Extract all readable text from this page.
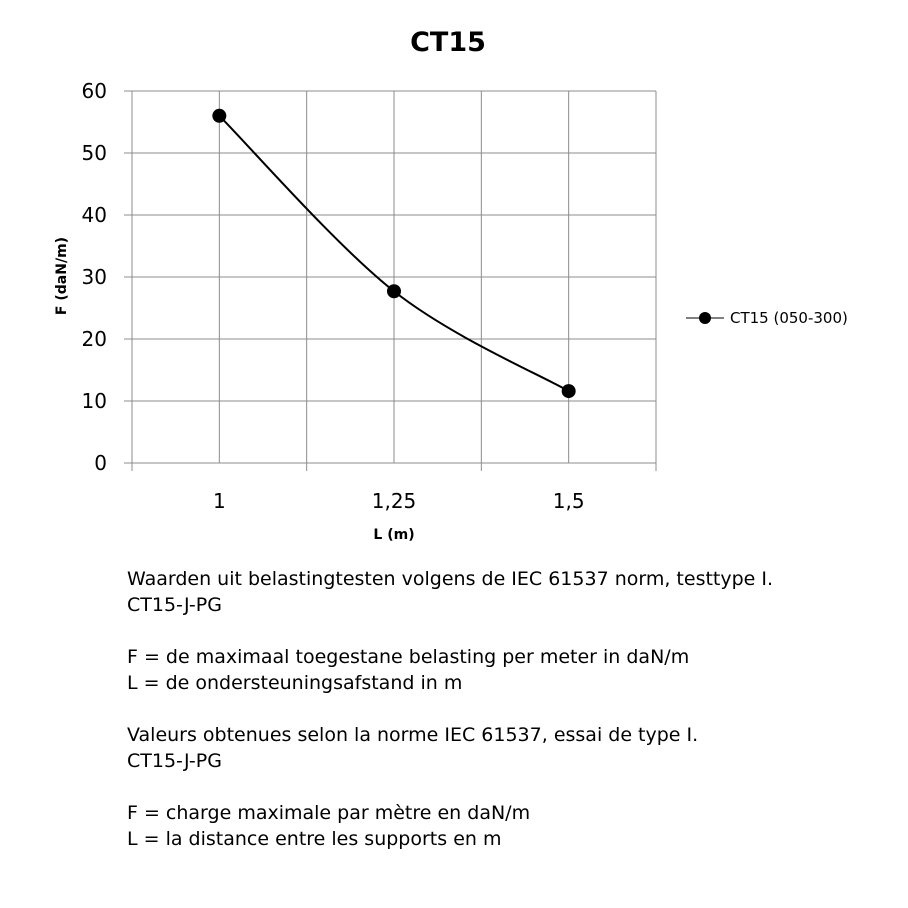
CT15
0
10
20
30
40
50
60
1	1,25	1,5
F (daN/m)
L (m)
CT15 (050-300)

Waarden uit belastingtesten volgens de IEC 61537 norm, testtype I.

CT15-J-PG

F = de maximaal toegestane belasting per meter in daN/m

L = de ondersteuningsafstand in m

Valeurs obtenues selon la norme IEC 61537, essai de type I.

CT15-J-PG

F = charge maximale par mètre en daN/m

L = la distance entre les supports en m
